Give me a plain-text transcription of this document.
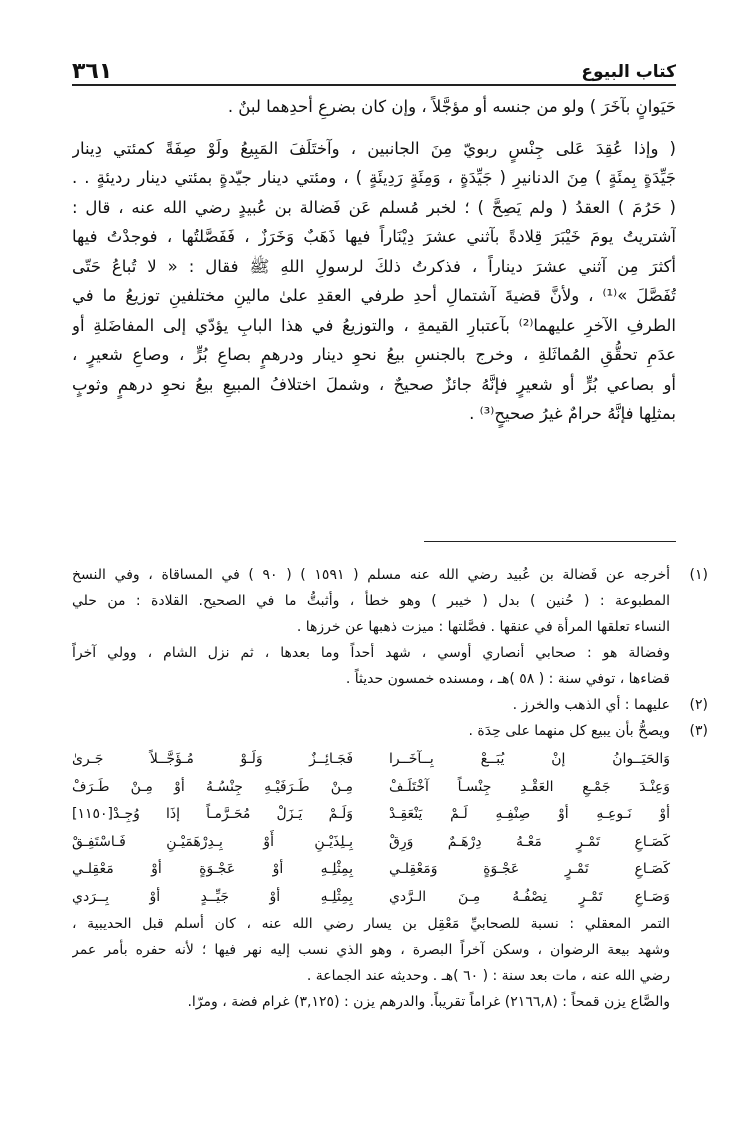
كتاب البيوع
٣٦١
حَيَوانٍ بآخَرَ ) ولو من جنسه أو مؤجَّلاً ، وإن كان بضرعِ أحدِهما لبنٌ .
( وإذا عُقِدَ عَلى جِنْسٍ ربويّ مِنَ الجانبين ، وآختَلَفَ المَبِيعُ ولَوْ صِفَةً كمئتي دِينار
جَيِّدَةٍ بِمئَةٍ ) مِنَ الدنانيرِ ( جَيِّدَةٍ ، وَمِئَةٍ رَدِيئَةٍ ) ، ومئتي دينار جيّدةٍ بمئتي دينار رديئةٍ . .
( حَرُمَ ) العقدُ ( ولم يَصِحَّ ) ؛ لخبر مُسلم عَن فَضالة بن عُبيدٍ رضي الله عنه ، قال :
آشتريتُ يومَ خَيْبَرَ قِلادةً بآثني عشرَ دِيْنَاراً فيها ذَهَبٌ وَخَرَزٌ ، فَفَصَّلتُها ، فوجدْتُ فيها
أكثرَ مِن آثني عشرَ ديناراً ، فذكرتُ ذلكَ لرسولِ اللهِ ﷺ فقال : « لا تُباعُ حَتّى
تُفَصَّلَ »⁽¹⁾ ، ولأنَّ قضيةَ آشتمالِ أحدِ طرفي العقدِ علىٰ مالينِ مختلفينِ توزيعُ ما في
الطرفِ الآخرِ عليهما⁽²⁾ بآعتبارِ القيمةِ ، والتوزيعُ في هذا البابِ يؤدّي إلى المفاضَلةِ أو
عدَمِ تحقُّقِ المُماثَلةِ ، وخرج بالجنسِ بيعُ نحوِ دينار ودرهمٍ بصاعِ بُرٍّ ، وصاعِ شعيرٍ ،
أو بصاعي بُرٍّ أو شعيرٍ فإنَّهُ جائزٌ صحيحٌ ، وشملَ اختلافُ المبيعِ بيعُ نحوِ درهمٍ وثوبٍ
بمثلِها فإنَّهُ حرامٌ غيرُ صحيحٍ⁽³⁾ .
(١)
أخرجه عن فَضالة بن عُبيد رضي الله عنه مسلم ( ١٥٩١ ) ( ٩٠ ) في المساقاة ، وفي النسخ
المطبوعة : ( حُنين ) بدل ( خيبر ) وهو خطأ ، وأثبتُّ ما في الصحيح. القلادة : من حلي
النساء تعلقها المرأة في عنقها . فصَّلتها : ميزت ذهبها عن خرزها .
وفضالة هو : صحابي أنصاري أوسي ، شهد أحداً وما بعدها ، ثم نزل الشام ، وولي آخراً
قضاءها ، توفي سنة : ( ٥٨ )هـ ، ومسنده خمسون حديثاً .
(٢)
عليهما : أي الذهب والخرز .
(٣)
ويصحُّ بأن يبيع كل منهما على حِدَة .
وَالحَيَــوانُ إنْ يُبَــعْ بِــآخَــرا
فَجَـائِــزٌ وَلَـوْ مُـؤَجَّــلاً جَـرىٰ
وَعِنْـدَ جَمْـعِ العَقْـدِ جِنْسـاً آخْتَلَـفْ
مِـنْ طَـرَفَيْـهِ جِنْسُـهُ أوْ مِـنْ طَـرَفْ
أوْ نَـوعِـهِ أوْ صِنْفِـهِ لَـمْ يَنْعَقِـدْ
وَلَـمْ يَـزَلْ مُحَـرَّمـاً إذَا وُجِـدْ[١١٥٠]
كَصَـاعِ تَمْـرٍ مَعْـهُ دِرْهَـمٌ وَرِقْ
بِـلِذَيْـنِ أَوْ بِـدِرْهَمَيْـنِ فَـاسْتَفِـقْ
كَصَـاعِ تَمْـرٍ عَجْـوَةٍ وَمَعْقِلـي
بِمِثْلِـهِ أوْ عَجْـوَةٍ أوْ مَعْقِلـي
وَصَـاعِ تَمْـرٍ نِصْفُـهُ مِـنَ الـرَّدي
بِمِثْلِـهِ أوْ جَيِّــدٍ أوْ بِــرَدي
التمر المعقلي : نسبة للصحابيِّ مَعْقِل بن يسار رضي الله عنه ، كان أسلم قبل الحديبية ،
وشهد بيعة الرضوان ، وسكن آخراً البصرة ، وهو الذي نسب إليه نهر فيها ؛ لأنه حفره بأمر عمر
رضي الله عنه ، مات بعد سنة : ( ٦٠ )هـ . وحديثه عند الجماعة .
والصَّاع يزن قمحاً : (٢١٦٦,٨) غراماً تقريباً. والدرهم يزن : (٣,١٢٥) غرام فضة ، ومرّا.
